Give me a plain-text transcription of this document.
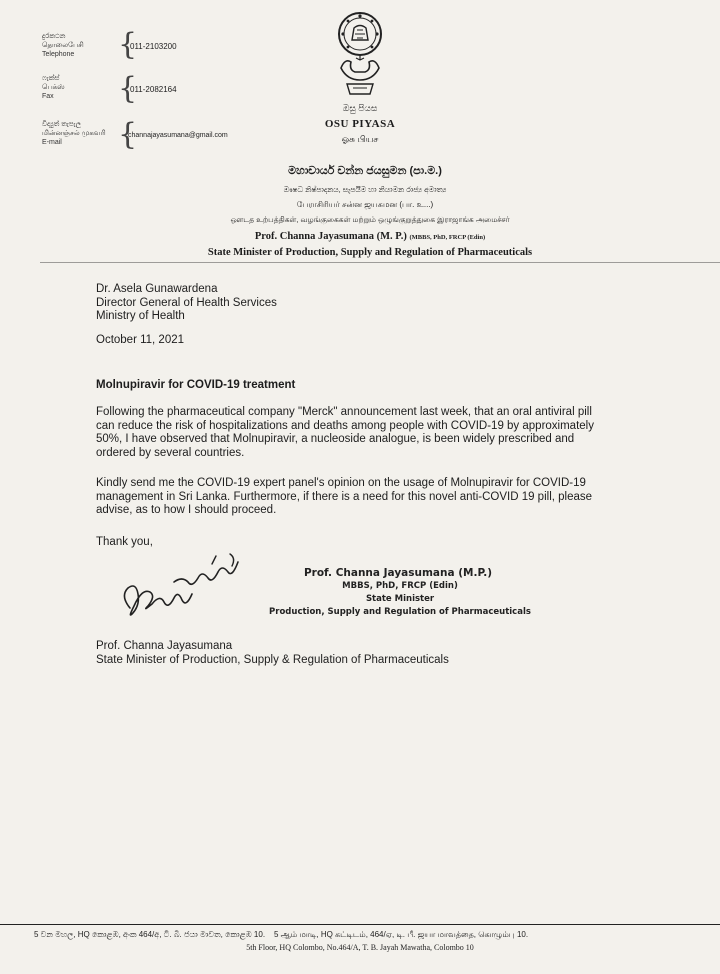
දුරකථන
தொலைபேசி
Telephone	{
011-2103200
ෆැක්ස්
பெக்ஸ்
Fax	{
011-2082164
විද්‍යුත් තැපැල
மின்னஞ்சல் முகவரி
E-mail	{
channajayasumana@gmail.com
ඔසු පියස
OSU PIYASA
ஓசு பியச
මහාචාර්ය චන්න ජයසුමන (පා.ම.)
ඖෂධ නිෂ්පාදනය, සැපයීම හා නියාමන රාජ්‍ය අමාත්‍ය
பேராசிரியர் சன்ன ஜயசுமன (பா. உ...)
ஔடத உற்பத்திகள், வழங்குகைகள் மற்றும் ஒழுங்குறுத்துகை இராஜாங்க அமைச்சர்
Prof. Channa Jayasumana (M. P.) (MBBS, PhD, FRCP (Edin)
State Minister of Production, Supply and Regulation of Pharmaceuticals
Dr. Asela Gunawardena
Director General of Health Services
Ministry of Health
October 11, 2021
Molnupiravir for COVID-19 treatment
Following the pharmaceutical company "Merck" announcement last week, that an oral antiviral pill
can reduce the risk of hospitalizations and deaths among people with COVID-19 by approximately
50%, I have observed that Molnupiravir, a nucleoside analogue, is been widely prescribed and
ordered by several countries.
Kindly send me the COVID-19 expert panel's opinion on the usage of Molnupiravir for COVID-19
management in Sri Lanka. Furthermore, if there is a need for this novel anti-COVID 19 pill, please
advise, as to how I should proceed.
Thank you,
Prof. Channa Jayasumana (M.P.)
MBBS, PhD, FRCP (Edin)
State Minister
Production, Supply and Regulation of Pharmaceuticals
Prof. Channa Jayasumana
State Minister of Production, Supply & Regulation of Pharmaceuticals
5 වන මහල, HQ කොළඹ, අංක 464/අ, ටී. බී. ජයා මාවත, කොළඹ 10. 5 ஆம் மாடி, HQ கட்டிடம், 464/ஏ, டி. பீ. ஜயா மாவத்தை, கொழும்பு 10.
5th Floor, HQ Colombo, No.464/A, T. B. Jayah Mawatha, Colombo 10
